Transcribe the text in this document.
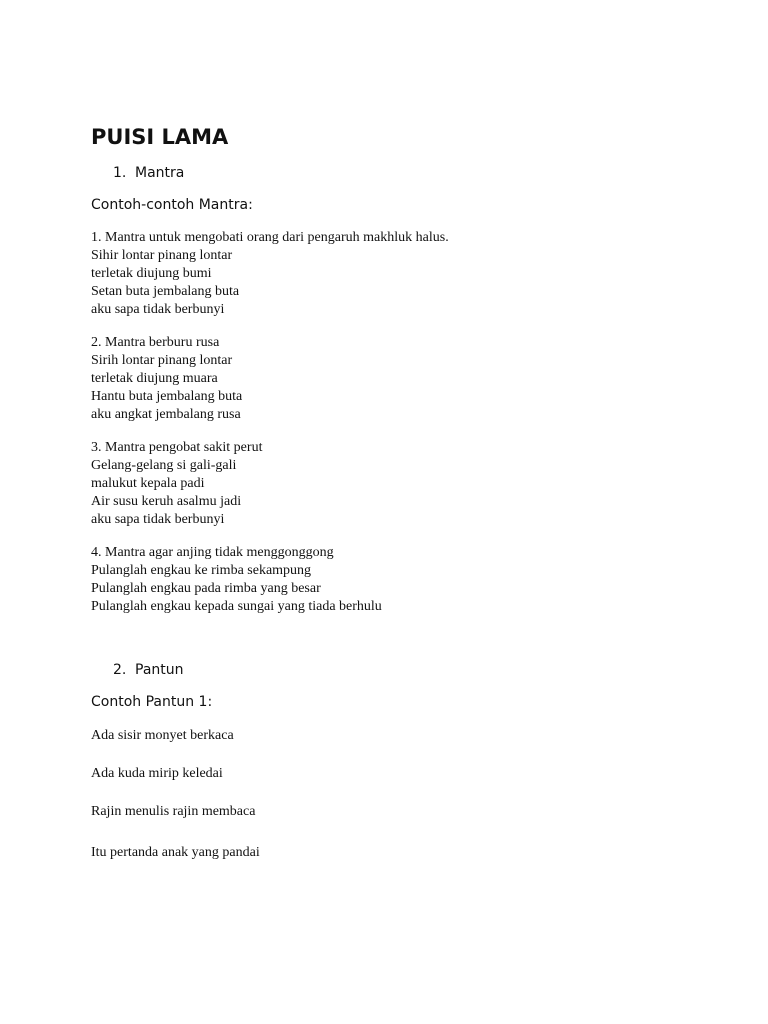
PUISI LAMA
1. Mantra

Contoh-contoh Mantra:

1. Mantra untuk mengobati orang dari pengaruh makhluk halus.
Sihir lontar pinang lontar
terletak diujung bumi
Setan buta jembalang buta
aku sapa tidak berbunyi
2. Mantra berburu rusa
Sirih lontar pinang lontar
terletak diujung muara
Hantu buta jembalang buta
aku angkat jembalang rusa
3. Mantra pengobat sakit perut
Gelang-gelang si gali-gali
malukut kepala padi
Air susu keruh asalmu jadi
aku sapa tidak berbunyi
4. Mantra agar anjing tidak menggonggong
Pulanglah engkau ke rimba sekampung
Pulanglah engkau pada rimba yang besar
Pulanglah engkau kepada sungai yang tiada berhulu
2. Pantun

Contoh Pantun 1:

Ada sisir monyet berkaca

Ada kuda mirip keledai

Rajin menulis rajin membaca

Itu pertanda anak yang pandai
